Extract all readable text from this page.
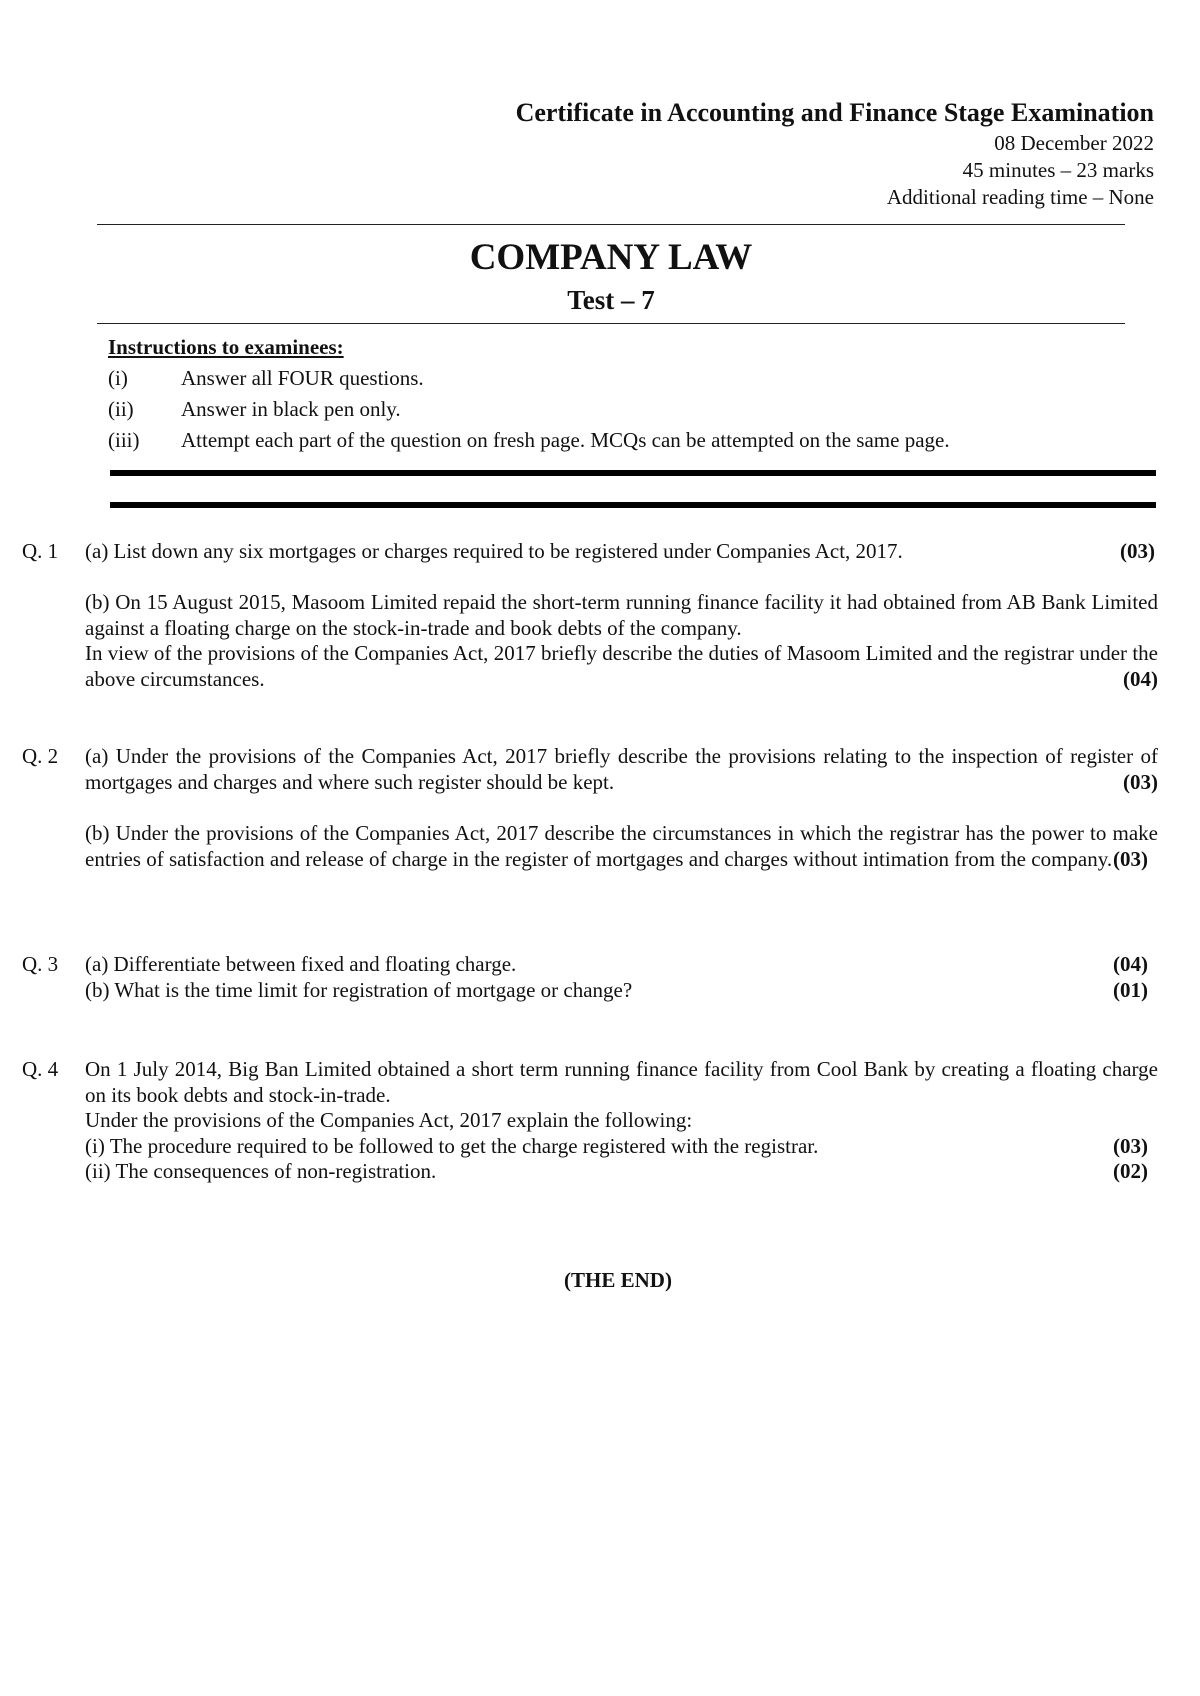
Certificate in Accounting and Finance Stage Examination
08 December 2022
45 minutes – 23 marks
Additional reading time – None
COMPANY LAW
Test – 7
Instructions to examinees:
(i)	Answer all FOUR questions.
(ii)	Answer in black pen only.
(iii)	Attempt each part of the question on fresh page. MCQs can be attempted on the same page.
Q. 1	(a) List down any six mortgages or charges required to be registered under Companies Act, 2017.	(03)

(b) On 15 August 2015, Masoom Limited repaid the short-term running finance facility it had obtained from AB Bank Limited against a floating charge on the stock-in-trade and book debts of the company.

In view of the provisions of the Companies Act, 2017 briefly describe the duties of Masoom Limited and the registrar under the above circumstances.	(04)

Q. 2	(a) Under the provisions of the Companies Act, 2017 briefly describe the provisions relating to the inspection of register of mortgages and charges and where such register should be kept.	(03)

(b) Under the provisions of the Companies Act, 2017 describe the circumstances in which the registrar has the power to make entries of satisfaction and release of charge in the register of mortgages and charges without intimation from the company. (03)

Q. 3	(a) Differentiate between fixed and floating charge.	(04)
(b) What is the time limit for registration of mortgage or change?	(01)
Q. 4	On 1 July 2014, Big Ban Limited obtained a short term running finance facility from Cool Bank by creating a floating charge on its book debts and stock-in-trade.

Under the provisions of the Companies Act, 2017 explain the following:

(i) The procedure required to be followed to get the charge registered with the registrar.	(03)
(ii) The consequences of non-registration.	(02)
(THE END)
